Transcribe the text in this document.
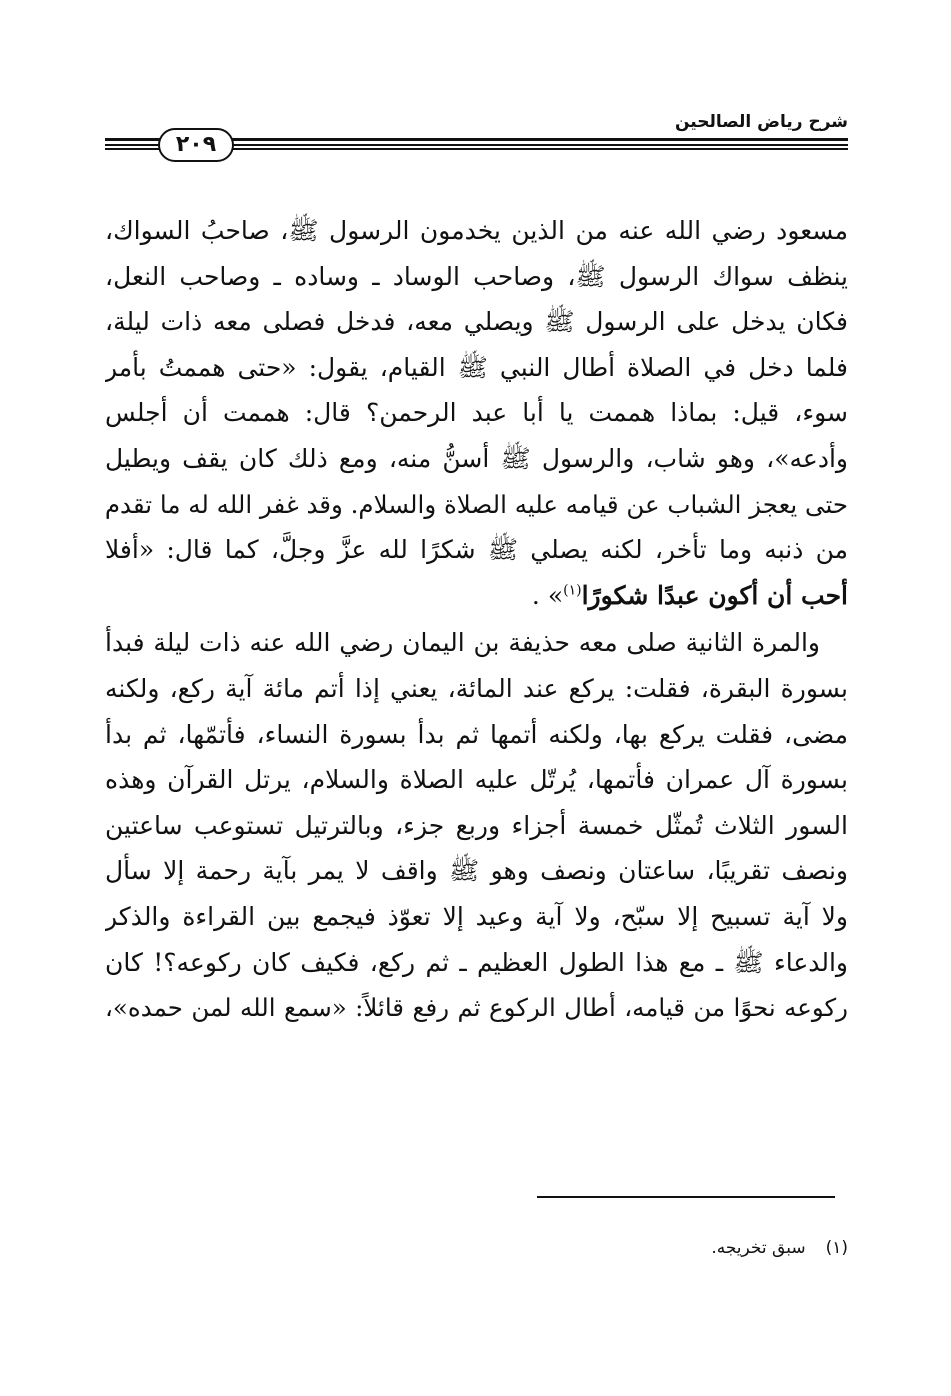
شرح رياض الصالحين
٢٠٩

مسعود رضي الله عنه من الذين يخدمون الرسول ﷺ، صاحبُ السواك،
ينظف سواك الرسول ﷺ، وصاحب الوساد ـ وساده ـ وصاحب النعل،
فكان يدخل على الرسول ﷺ ويصلي معه، فدخل فصلى معه ذات ليلة،
فلما دخل في الصلاة أطال النبي ﷺ القيام، يقول: «حتى هممتُ بأمر
سوء، قيل: بماذا هممت يا أبا عبد الرحمن؟ قال: هممت أن أجلس
وأدعه»، وهو شاب، والرسول ﷺ أسنُّ منه، ومع ذلك كان يقف ويطيل
حتى يعجز الشباب عن قيامه عليه الصلاة والسلام. وقد غفر الله له ما تقدم
من ذنبه وما تأخر، لكنه يصلي ﷺ شكرًا لله عزَّ وجلَّ، كما قال: «أفلا
أحب أن أكون عبدًا شكورًا$^{(١)}$» .

والمرة الثانية صلى معه حذيفة بن اليمان رضي الله عنه ذات ليلة فبدأ
بسورة البقرة، فقلت: يركع عند المائة، يعني إذا أتم مائة آية ركع، ولكنه
مضى، فقلت يركع بها، ولكنه أتمها ثم بدأ بسورة النساء، فأتمّها، ثم بدأ
بسورة آل عمران فأتمها، يُرتّل عليه الصلاة والسلام، يرتل القرآن وهذه
السور الثلاث تُمثّل خمسة أجزاء وربع جزء، وبالترتيل تستوعب ساعتين
ونصف تقريبًا، ساعتان ونصف وهو ﷺ واقف لا يمر بآية رحمة إلا سأل
ولا آية تسبيح إلا سبّح، ولا آية وعيد إلا تعوّذ فيجمع بين القراءة والذكر
والدعاء ﷺ ـ مع هذا الطول العظيم ـ ثم ركع، فكيف كان ركوعه؟! كان
ركوعه نحوًا من قيامه، أطال الركوع ثم رفع قائلاً: «سمع الله لمن حمده»،

(١)سبق تخريجه.
